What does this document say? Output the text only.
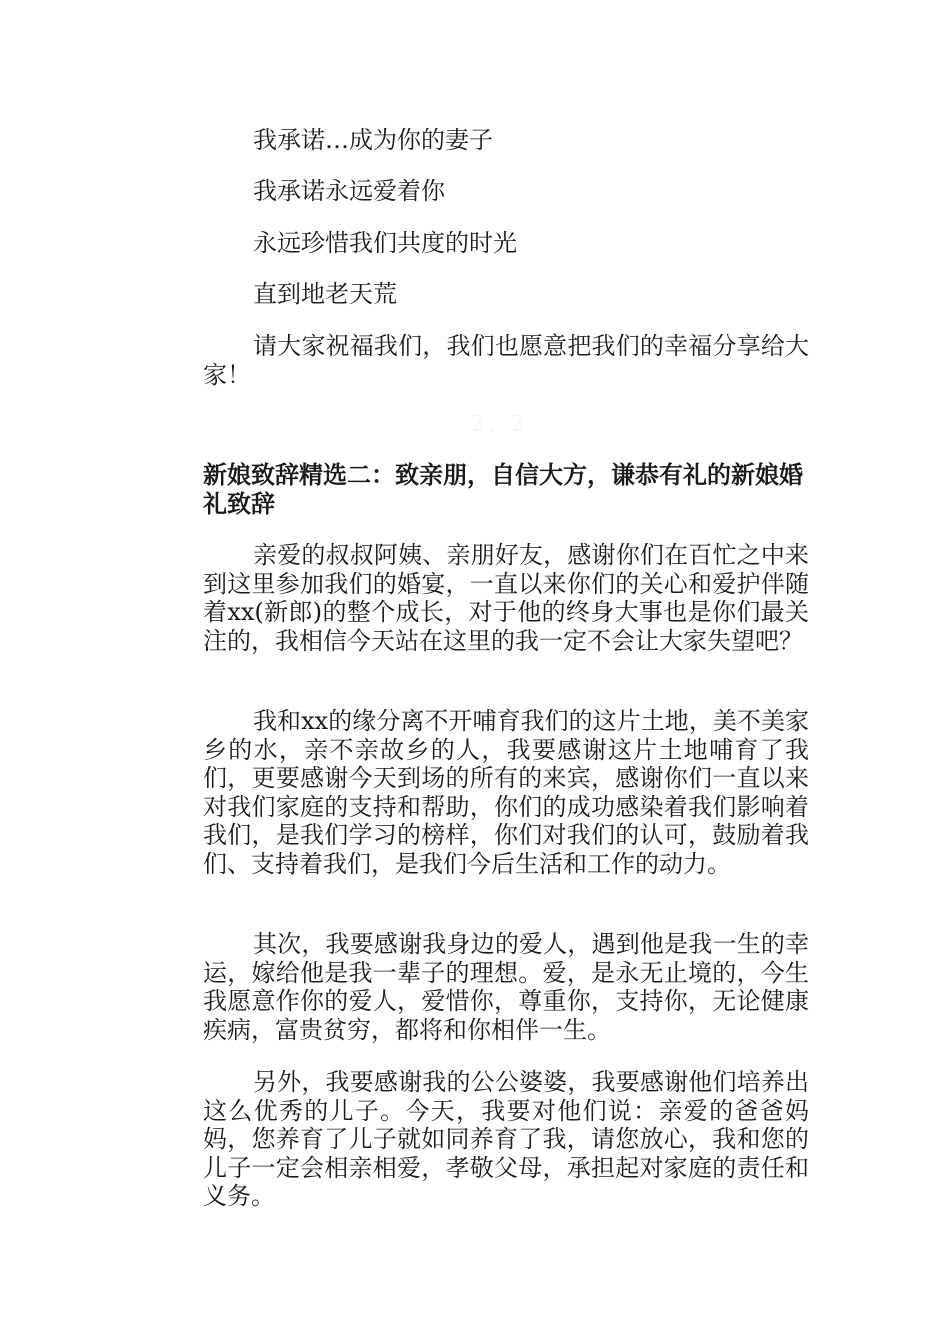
我承诺…成为你的妻子
我承诺永远爱着你
永远珍惜我们共度的时光
直到地老天荒

请大家祝福我们，我们也愿意把我们的幸福分享给大家！

2. 2

新娘致辞精选二：致亲朋，自信大方，谦恭有礼的新娘婚礼致辞

亲爱的叔叔阿姨、亲朋好友，感谢你们在百忙之中来到这里参加我们的婚宴，一直以来你们的关心和爱护伴随着xx(新郎)的整个成长，对于他的终身大事也是你们最关注的，我相信今天站在这里的我一定不会让大家失望吧？

我和xx的缘分离不开哺育我们的这片土地，美不美家乡的水，亲不亲故乡的人，我要感谢这片土地哺育了我们，更要感谢今天到场的所有的来宾，感谢你们一直以来对我们家庭的支持和帮助，你们的成功感染着我们影响着我们，是我们学习的榜样，你们对我们的认可，鼓励着我们、支持着我们，是我们今后生活和工作的动力。

其次，我要感谢我身边的爱人，遇到他是我一生的幸运，嫁给他是我一辈子的理想。爱，是永无止境的，今生我愿意作你的爱人，爱惜你，尊重你，支持你，无论健康疾病，富贵贫穷，都将和你相伴一生。

另外，我要感谢我的公公婆婆，我要感谢他们培养出这么优秀的儿子。今天，我要对他们说：亲爱的爸爸妈妈，您养育了儿子就如同养育了我，请您放心，我和您的儿子一定会相亲相爱，孝敬父母，承担起对家庭的责任和义务。
